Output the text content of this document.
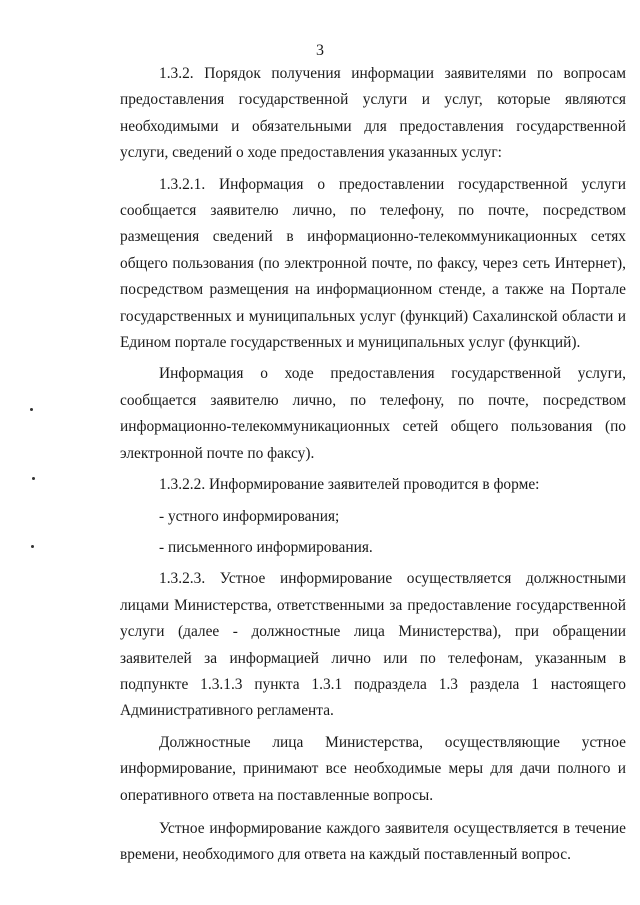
3

1.3.2. Порядок получения информации заявителями по вопросам предоставления государственной услуги и услуг, которые являются необходимыми и обязательными для предоставления государственной услуги, сведений о ходе предоставления указанных услуг:

1.3.2.1. Информация о предоставлении государственной услуги сообщается заявителю лично, по телефону, по почте, посредством размещения сведений в информационно-телекоммуникационных сетях общего пользования (по электронной почте, по факсу, через сеть Интернет), посредством размещения на информационном стенде, а также на Портале государственных и муниципальных услуг (функций) Сахалинской области и Едином портале государственных и муниципальных услуг (функций).

Информация о ходе предоставления государственной услуги, сообщается заявителю лично, по телефону, по почте, посредством информационно-телекоммуникационных сетей общего пользования (по электронной почте по факсу).

1.3.2.2. Информирование заявителей проводится в форме:

- устного информирования;

- письменного информирования.

1.3.2.3. Устное информирование осуществляется должностными лицами Министерства, ответственными за предоставление государственной услуги (далее - должностные лица Министерства), при обращении заявителей за информацией лично или по телефонам, указанным в подпункте 1.3.1.3 пункта 1.3.1 подраздела 1.3 раздела 1 настоящего Административного регламента.

Должностные лица Министерства, осуществляющие устное информирование, принимают все необходимые меры для дачи полного и оперативного ответа на поставленные вопросы.

Устное информирование каждого заявителя осуществляется в течение времени, необходимого для ответа на каждый поставленный вопрос.
